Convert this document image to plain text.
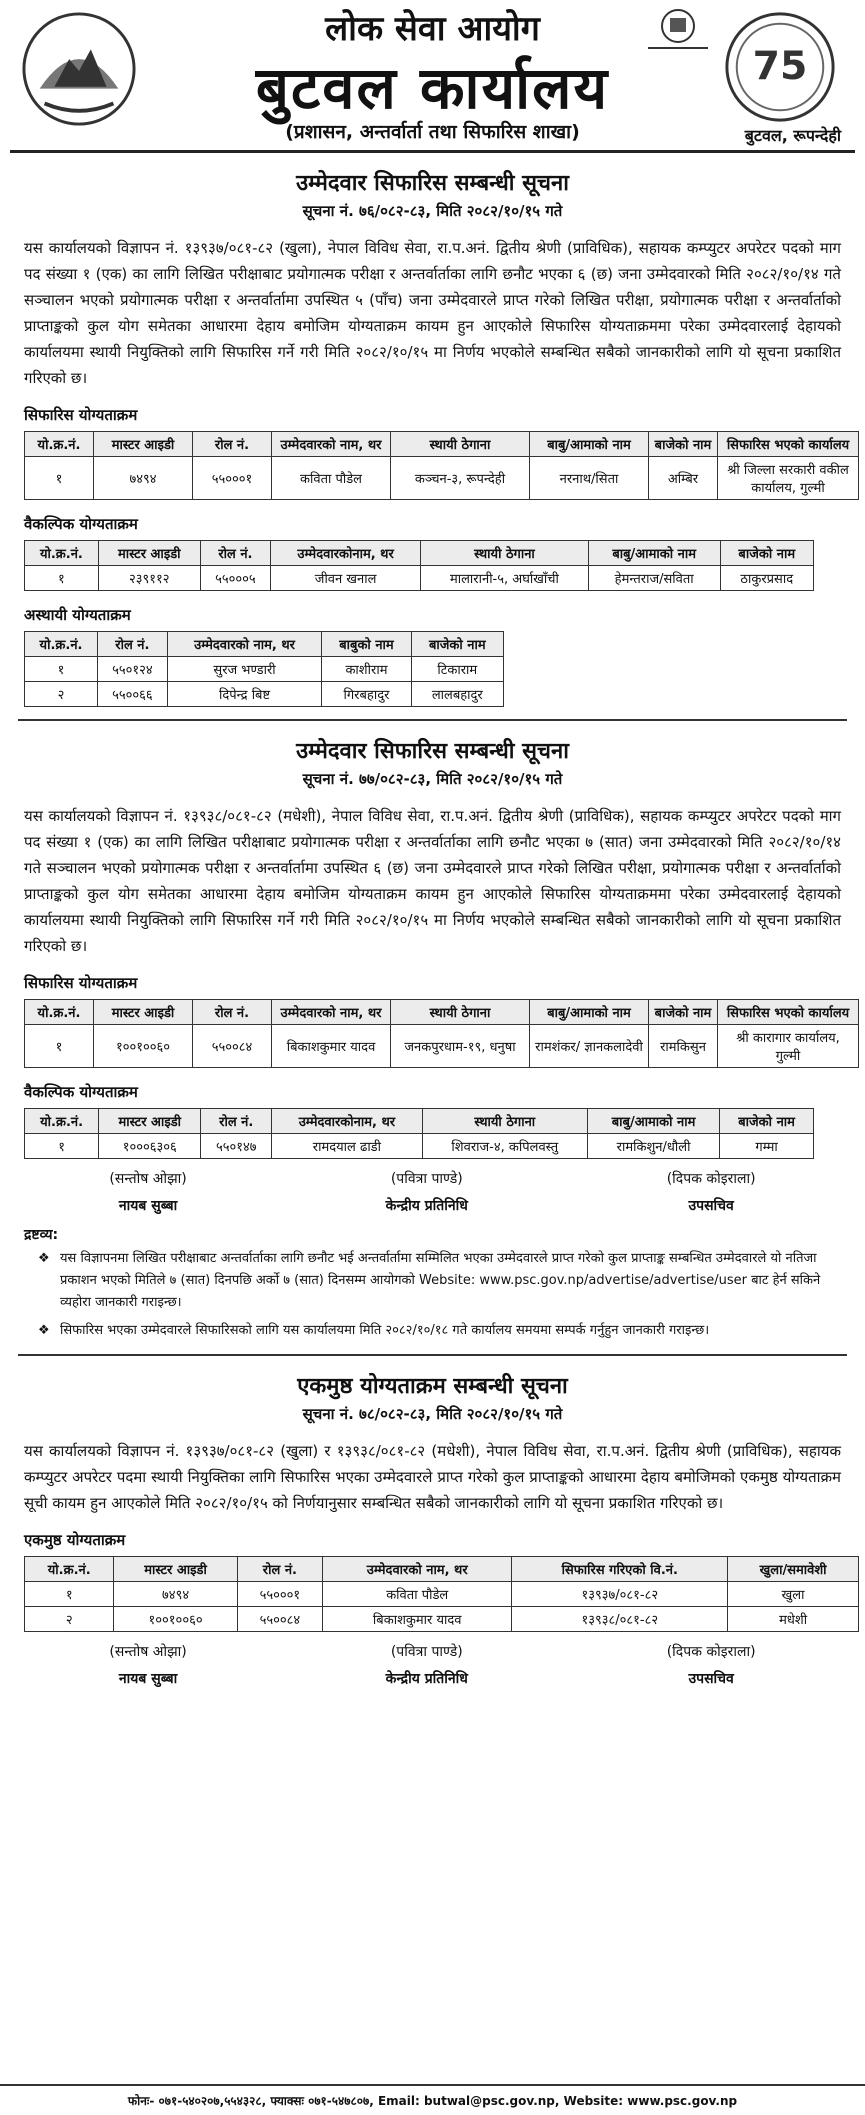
लोक सेवा आयोग
बुटवल कार्यालय
(प्रशासन, अन्तर्वार्ता तथा सिफारिस शाखा)
75
बुटवल, रूपन्देही
उम्मेदवार सिफारिस सम्बन्धी सूचना
सूचना नं. ७६/०८२-८३, मिति २०८२/१०/१५ गते
यस कार्यालयको विज्ञापन नं. १३९३७/०८१-८२ (खुला), नेपाल विविध सेवा, रा.प.अनं. द्वितीय श्रेणी (प्राविधिक), सहायक कम्प्युटर अपरेटर पदको माग पद संख्या १ (एक) का लागि लिखित परीक्षाबाट प्रयोगात्मक परीक्षा र अन्तर्वार्ताका लागि छनौट भएका ६ (छ) जना उम्मेदवारको मिति २०८२/१०/१४ गते सञ्चालन भएको प्रयोगात्मक परीक्षा र अन्तर्वार्तामा उपस्थित ५ (पाँच) जना उम्मेदवारले प्राप्त गरेको लिखित परीक्षा, प्रयोगात्मक परीक्षा र अन्तर्वार्ताको प्राप्ताङ्कको कुल योग समेतका आधारमा देहाय बमोजिम योग्यताक्रम कायम हुन आएकोले सिफारिस योग्यताक्रममा परेका उम्मेदवारलाई देहायको कार्यालयमा स्थायी नियुक्तिको लागि सिफारिस गर्ने गरी मिति २०८२/१०/१५ मा निर्णय भएकोले सम्बन्धित सबैको जानकारीको लागि यो सूचना प्रकाशित गरिएको छ।
सिफारिस योग्यताक्रम
यो.क्र.नं.	मास्टर आइडी	रोल नं.	उम्मेदवारको नाम, थर	स्थायी ठेगाना	बाबु/आमाको नाम	बाजेको नाम	सिफारिस भएको कार्यालय
१	७४९४	५५०००१	कविता पौडेल	कञ्चन-३, रूपन्देही	नरनाथ/सिता	अम्बिर	श्री जिल्ला सरकारी वकील कार्यालय, गुल्मी
वैकल्पिक योग्यताक्रम
यो.क्र.नं.	मास्टर आइडी	रोल नं.	उम्मेदवारकोनाम, थर	स्थायी ठेगाना	बाबु/आमाको नाम	बाजेको नाम
१	२३९११२	५५०००५	जीवन खनाल	मालारानी-५, अर्घाखाँची	हेमन्तराज/सविता	ठाकुरप्रसाद
अस्थायी योग्यताक्रम
यो.क्र.नं.	रोल नं.	उम्मेदवारको नाम, थर	बाबुको नाम	बाजेको नाम
१	५५०१२४	सुरज भण्डारी	काशीराम	टिकाराम
२	५५००६६	दिपेन्द्र बिष्ट	गिरबहादुर	लालबहादुर
उम्मेदवार सिफारिस सम्बन्धी सूचना
सूचना नं. ७७/०८२-८३, मिति २०८२/१०/१५ गते
यस कार्यालयको विज्ञापन नं. १३९३८/०८१-८२ (मधेशी), नेपाल विविध सेवा, रा.प.अनं. द्वितीय श्रेणी (प्राविधिक), सहायक कम्प्युटर अपरेटर पदको माग पद संख्या १ (एक) का लागि लिखित परीक्षाबाट प्रयोगात्मक परीक्षा र अन्तर्वार्ताका लागि छनौट भएका ७ (सात) जना उम्मेदवारको मिति २०८२/१०/१४ गते सञ्चालन भएको प्रयोगात्मक परीक्षा र अन्तर्वार्तामा उपस्थित ६ (छ) जना उम्मेदवारले प्राप्त गरेको लिखित परीक्षा, प्रयोगात्मक परीक्षा र अन्तर्वार्ताको प्राप्ताङ्कको कुल योग समेतका आधारमा देहाय बमोजिम योग्यताक्रम कायम हुन आएकोले सिफारिस योग्यताक्रममा परेका उम्मेदवारलाई देहायको कार्यालयमा स्थायी नियुक्तिको लागि सिफारिस गर्ने गरी मिति २०८२/१०/१५ मा निर्णय भएकोले सम्बन्धित सबैको जानकारीको लागि यो सूचना प्रकाशित गरिएको छ।
सिफारिस योग्यताक्रम
यो.क्र.नं.	मास्टर आइडी	रोल नं.	उम्मेदवारको नाम, थर	स्थायी ठेगाना	बाबु/आमाको नाम	बाजेको नाम	सिफारिस भएको कार्यालय
१	१००१००६०	५५००८४	बिकाशकुमार यादव	जनकपुरधाम-१९, धनुषा	रामशंकर/ ज्ञानकलादेवी	रामकिसुन	श्री कारागार कार्यालय, गुल्मी
वैकल्पिक योग्यताक्रम
यो.क्र.नं.	मास्टर आइडी	रोल नं.	उम्मेदवारकोनाम, थर	स्थायी ठेगाना	बाबु/आमाको नाम	बाजेको नाम
१	१०००६३०६	५५०१४७	रामदयाल ढाडी	शिवराज-४, कपिलवस्तु	रामकिशुन/धौली	गम्मा
(सन्तोष ओझा)
नायब सुब्बा
(पवित्रा पाण्डे)
केन्द्रीय प्रतिनिधि
(दिपक कोइराला)
उपसचिव
द्रष्टव्य:
❖ यस विज्ञापनमा लिखित परीक्षाबाट अन्तर्वार्ताका लागि छनौट भई अन्तर्वार्तामा सम्मिलित भएका उम्मेदवारले प्राप्त गरेको कुल प्राप्ताङ्क सम्बन्धित उम्मेदवारले यो नतिजा प्रकाशन भएको मितिले ७ (सात) दिनपछि अर्को ७ (सात) दिनसम्म आयोगको Website: www.psc.gov.np/advertise/advertise/user बाट हेर्न सकिने व्यहोरा जानकारी गराइन्छ।
❖ सिफारिस भएका उम्मेदवारले सिफारिसको लागि यस कार्यालयमा मिति २०८२/१०/१८ गते कार्यालय समयमा सम्पर्क गर्नुहुन जानकारी गराइन्छ।
एकमुष्ठ योग्यताक्रम सम्बन्धी सूचना
सूचना नं. ७८/०८२-८३, मिति २०८२/१०/१५ गते
यस कार्यालयको विज्ञापन नं. १३९३७/०८१-८२ (खुला) र १३९३८/०८१-८२ (मधेशी), नेपाल विविध सेवा, रा.प.अनं. द्वितीय श्रेणी (प्राविधिक), सहायक कम्प्युटर अपरेटर पदमा स्थायी नियुक्तिका लागि सिफारिस भएका उम्मेदवारले प्राप्त गरेको कुल प्राप्ताङ्कको आधारमा देहाय बमोजिमको एकमुष्ठ योग्यताक्रम सूची कायम हुन आएकोले मिति २०८२/१०/१५ को निर्णयानुसार सम्बन्धित सबैको जानकारीको लागि यो सूचना प्रकाशित गरिएको छ।
एकमुष्ठ योग्यताक्रम
यो.क्र.नं.	मास्टर आइडी	रोल नं.	उम्मेदवारको नाम, थर	सिफारिस गरिएको वि.नं.	खुला/समावेशी
१	७४९४	५५०००१	कविता पौडेल	१३९३७/०८१-८२	खुला
२	१००१००६०	५५००८४	बिकाशकुमार यादव	१३९३८/०८१-८२	मधेशी
(सन्तोष ओझा)
नायब सुब्बा
(पवित्रा पाण्डे)
केन्द्रीय प्रतिनिधि
(दिपक कोइराला)
उपसचिव
फोनः- ०७१-५४०२०७,५५४३२८, फ्याक्सः ०७१-५४७८०७, Email: butwal@psc.gov.np, Website: www.psc.gov.np
